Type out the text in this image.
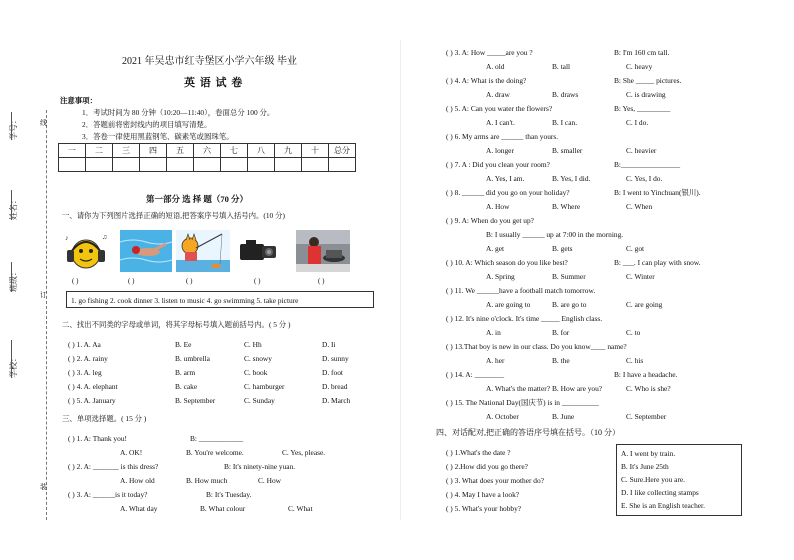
学号：
姓名：
班级：
学校：
线
订
装
2021 年吴忠市红寺堡区小学六年级 毕业
英 语 试 卷
注意事项：
1．考试时间为 80 分钟（10:20—11:40），卷面总分 100 分。
2．答题前将密封线内的项目填写清楚。
3．答卷一律使用黑蓝钢笔、碳素笔或圆珠笔。
一	二	三	四	五	六	七	八	九	十	总分

第一部分 选 择 题（70 分）
一、请你为下列图片选择正确的短语,把答案序号填入括号内。(10 分)
♪	♫
( )	( )	( )	( )	( )
1. go fishing 2. cook dinner 3. listen to music 4. go swimming 5. take picture
二、找出不同类的字母或单词，将其字母标号填入题前括号内。( 5 分 )
( ) 1. A. Aa	B. Ee	C. Hh	D. Ii
( ) 2. A. rainy	B. umbrella	C. snowy	D. sunny
( ) 3. A. leg	B. arm	C. book	D. foot
( ) 4. A. elephant	B. cake	C. hamburger	D. bread
( ) 5. A. January	B. September	C. Sunday	D. March
三、单项选择题。( 15 分 )
( ) 1. A: Thank you!	B: ____________
A. OK!	B. You're welcome.	C. Yes, please.
( ) 2. A: _______ is this dress?	B: It's ninety-nine yuan.
A. How old	B. How much	C. How
( ) 3. A: ______is it today?	B: It's Tuesday.
A. What day	B. What colour	C. What
( ) 3. A: How _____are you ?	B: I'm 160 cm tall.
A. old	B. tall	C. heavy
( ) 4. A: What is the doing?	B: She _____ pictures.
A. draw	B. draws	C. is drawing
( ) 5. A: Can you water the flowers?	B: Yes, _________
A. I can't.	B. I can.	C. I do.
( ) 6. My arms are ______ than yours.
A. longer	B. smaller	C. heavier
( ) 7. A : Did you clean your room?	B:________________
A. Yes, I am.	B. Yes, I did.	C. Yes, I do.
( ) 8. ______ did you go on your holiday?	B: I went to Yinchuan(银川).
A. How	B. Where	C. When
( ) 9. A: When do you get up?
B: I usually ______ up at 7:00 in the morning.
A. get	B. gets	C. got
( ) 10. A: Which season do you like best?	B: ___. I can play with snow.
A. Spring	B. Summer	C. Winter
( ) 11. We ______have a football match tomorrow.
A. are going to	B. are go to	C. are going
( ) 12. It's nine o'clock. It's time _____ English class.
A. in	B. for	C. to
( ) 13.That boy is new in our class. Do you know____ name?
A. her	B. the	C. his
( ) 14. A: ________	B: I have a headache.
A. What's the matter? B. How are you?	C. Who is she?
( ) 15. The National Day(国庆节) is in __________
A. October	B. June	C. September
四、对话配对,把正确的答语序号填在括号。（10 分）
( ) 1.What's the date ?
( ) 2.How did you go there?
( ) 3. What does your mother do?
( ) 4. May I have a look?
( ) 5. What's your hobby?
A. I went by train.
B. It's June 25th
C. Sure.Here you are.
D. I like collecting stamps
E. She is an English teacher.
